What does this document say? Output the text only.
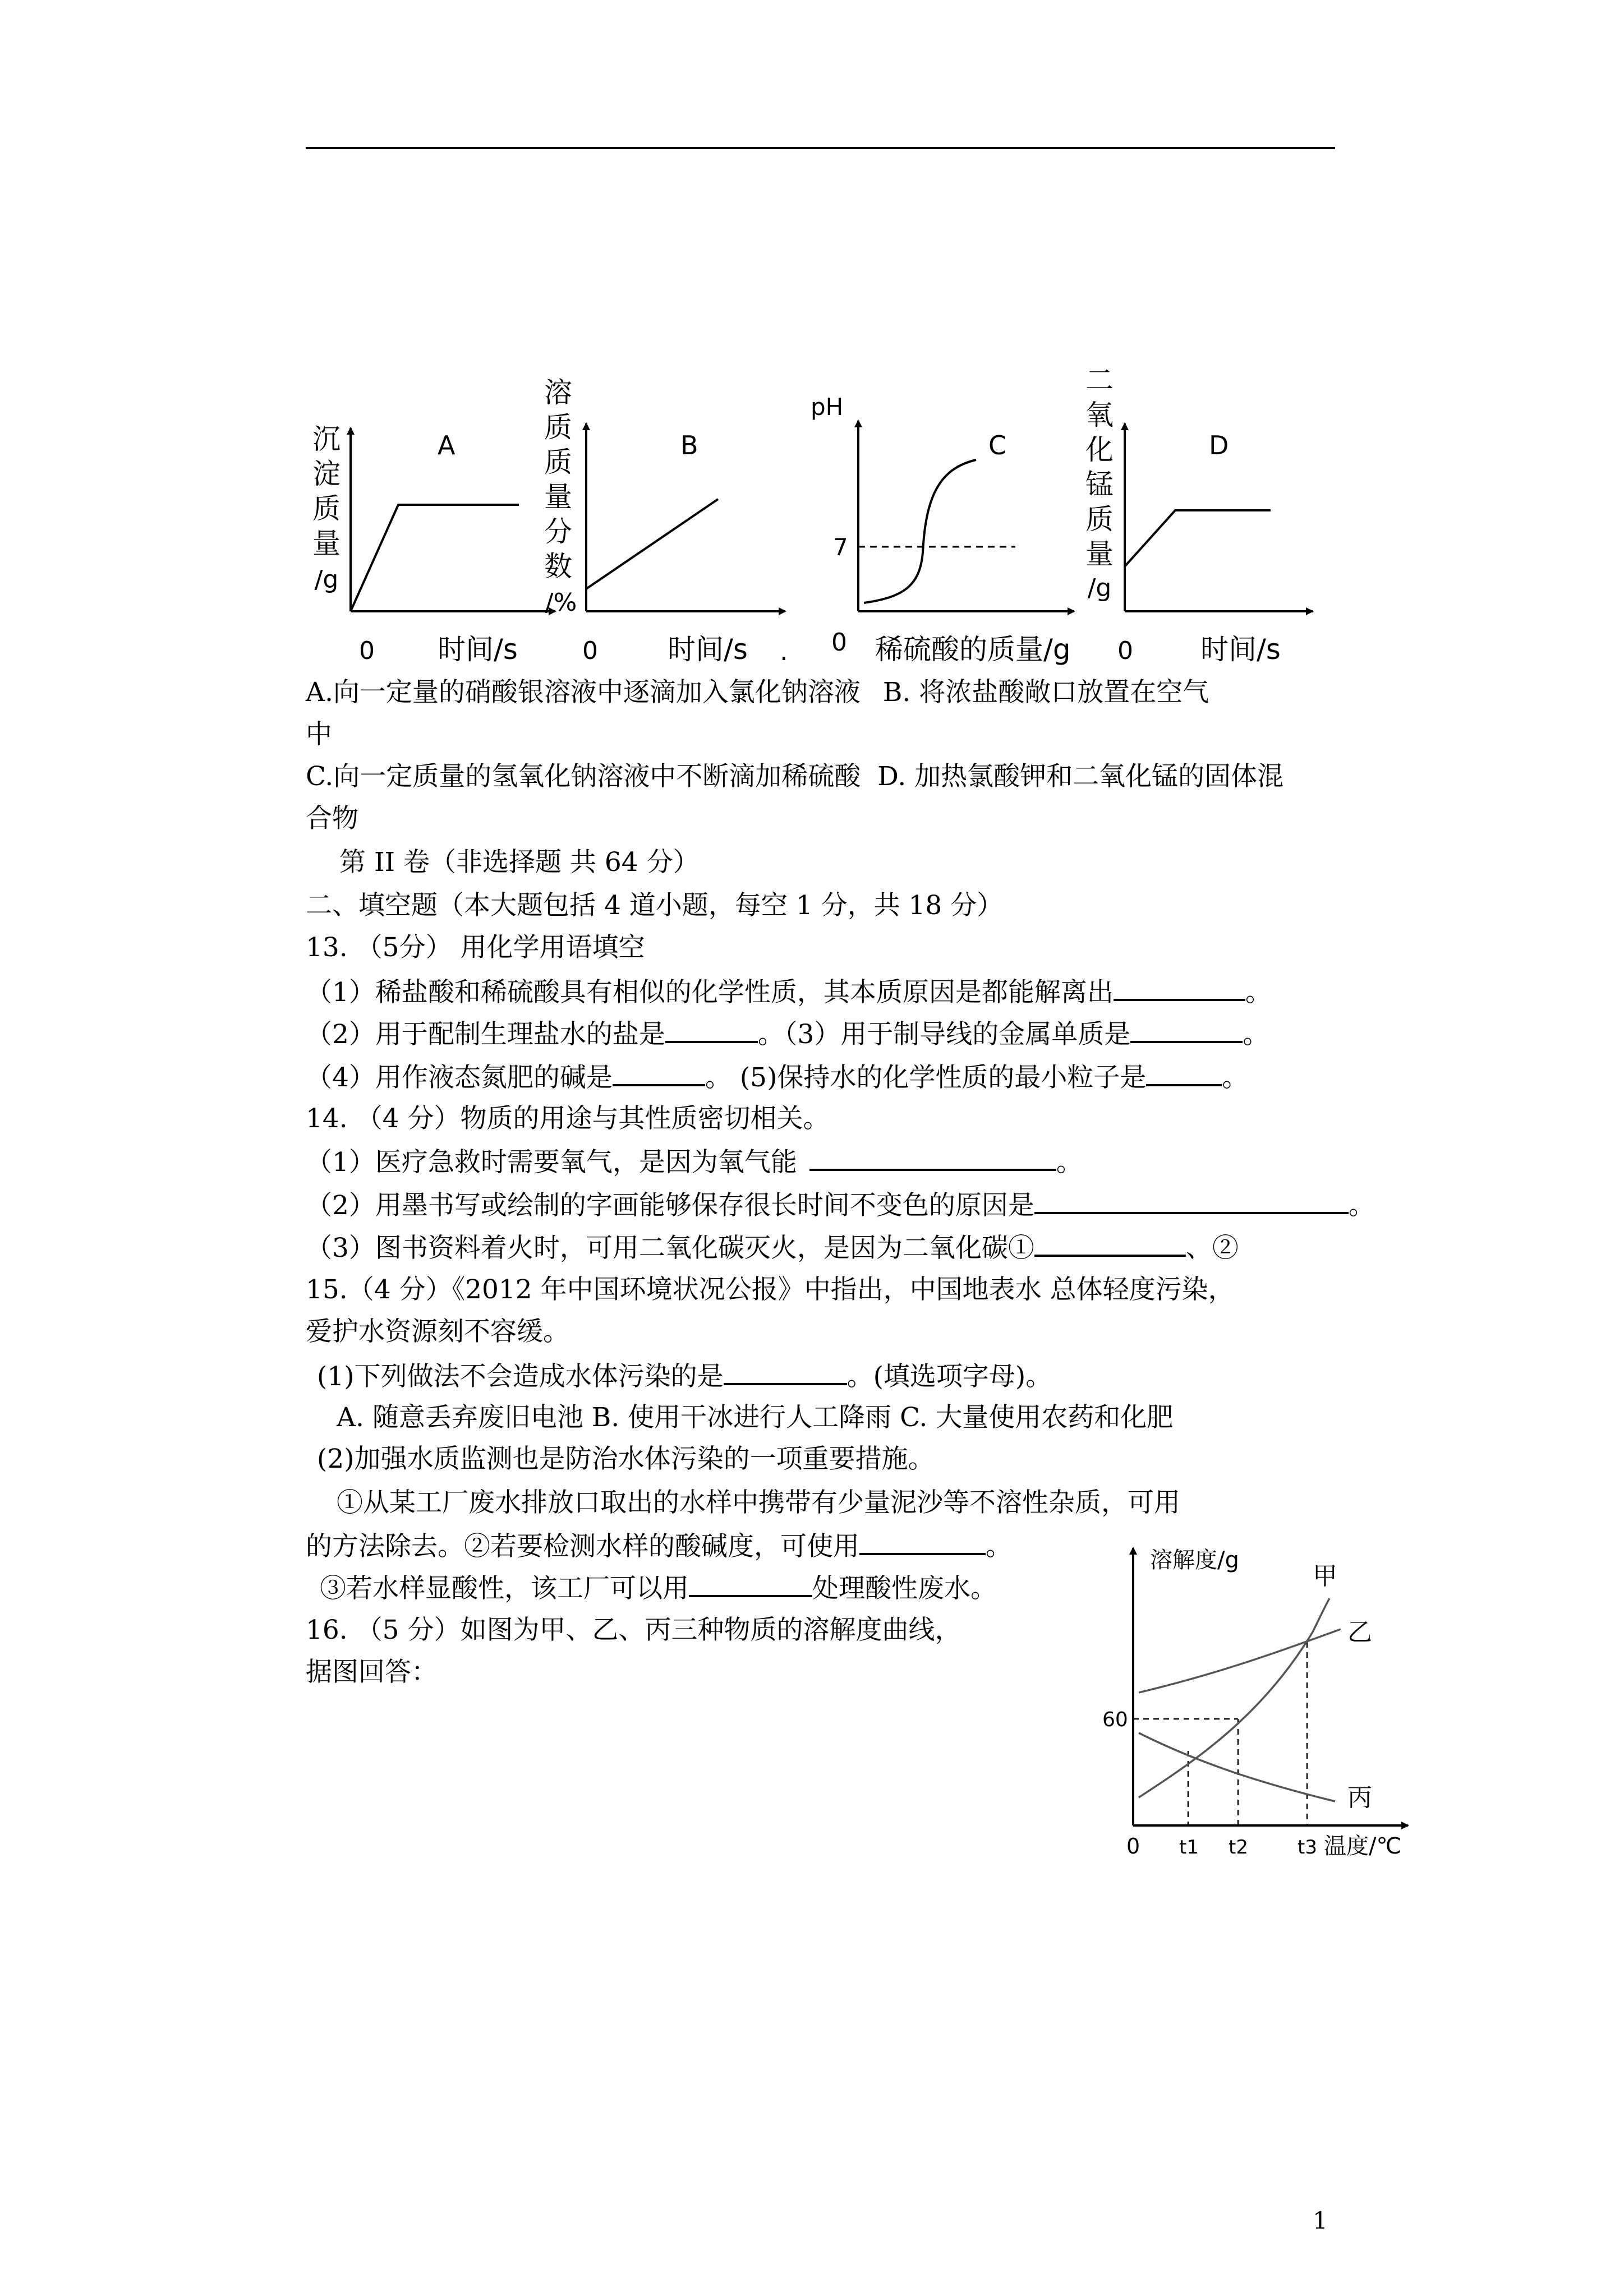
沉
淀
质
量
/g
A
0 时间/s
溶
质
质
量
分
数
/%
B
0 时间/s .
pH
7
C
0 稀硫酸的质量/g
二
氧
化
锰
质
量
/g
D
0 时间/s
A.向一定量的硝酸银溶液中逐滴加入氯化钠溶液 B. 将浓盐酸敞口放置在空气
中
C.向一定质量的氢氧化钠溶液中不断滴加稀硫酸 D. 加热氯酸钾和二氧化锰的固体混
合物
第 II 卷（非选择题 共 64 分）
二、填空题（本大题包括 4 道小题，每空 1 分，共 18 分）
13. （5分） 用化学用语填空
（1）稀盐酸和稀硫酸具有相似的化学性质，其本质原因是都能解离出	。
（2）用于配制生理盐水的盐是	。（3）用于制导线的金属单质是	。
（4）用作液态氮肥的碱是	。 (5)保持水的化学性质的最小粒子是	。
14. （4 分）物质的用途与其性质密切相关。
（1）医疗急救时需要氧气，是因为氧气能	。
（2）用墨书写或绘制的字画能够保存很长时间不变色的原因是	。
（3）图书资料着火时，可用二氧化碳灭火，是因为二氧化碳①	、②
15.（4 分）《2012 年中国环境状况公报》中指出，中国地表水 总体轻度污染，
爱护水资源刻不容缓。
(1)下列做法不会造成水体污染的是	。(填选项字母)。
A. 随意丢弃废旧电池 B. 使用干冰进行人工降雨 C. 大量使用农药和化肥
(2)加强水质监测也是防治水体污染的一项重要措施。
①从某工厂废水排放口取出的水样中携带有少量泥沙等不溶性杂质，可用
的方法除去。②若要检测水样的酸碱度，可使用	。
③若水样显酸性，该工厂可以用	处理酸性废水。
16. （5 分）如图为甲、乙、丙三种物质的溶解度曲线，
据图回答：
溶解度/g
甲
乙
丙
60
0 t1 t2	t3 温度/℃
1
